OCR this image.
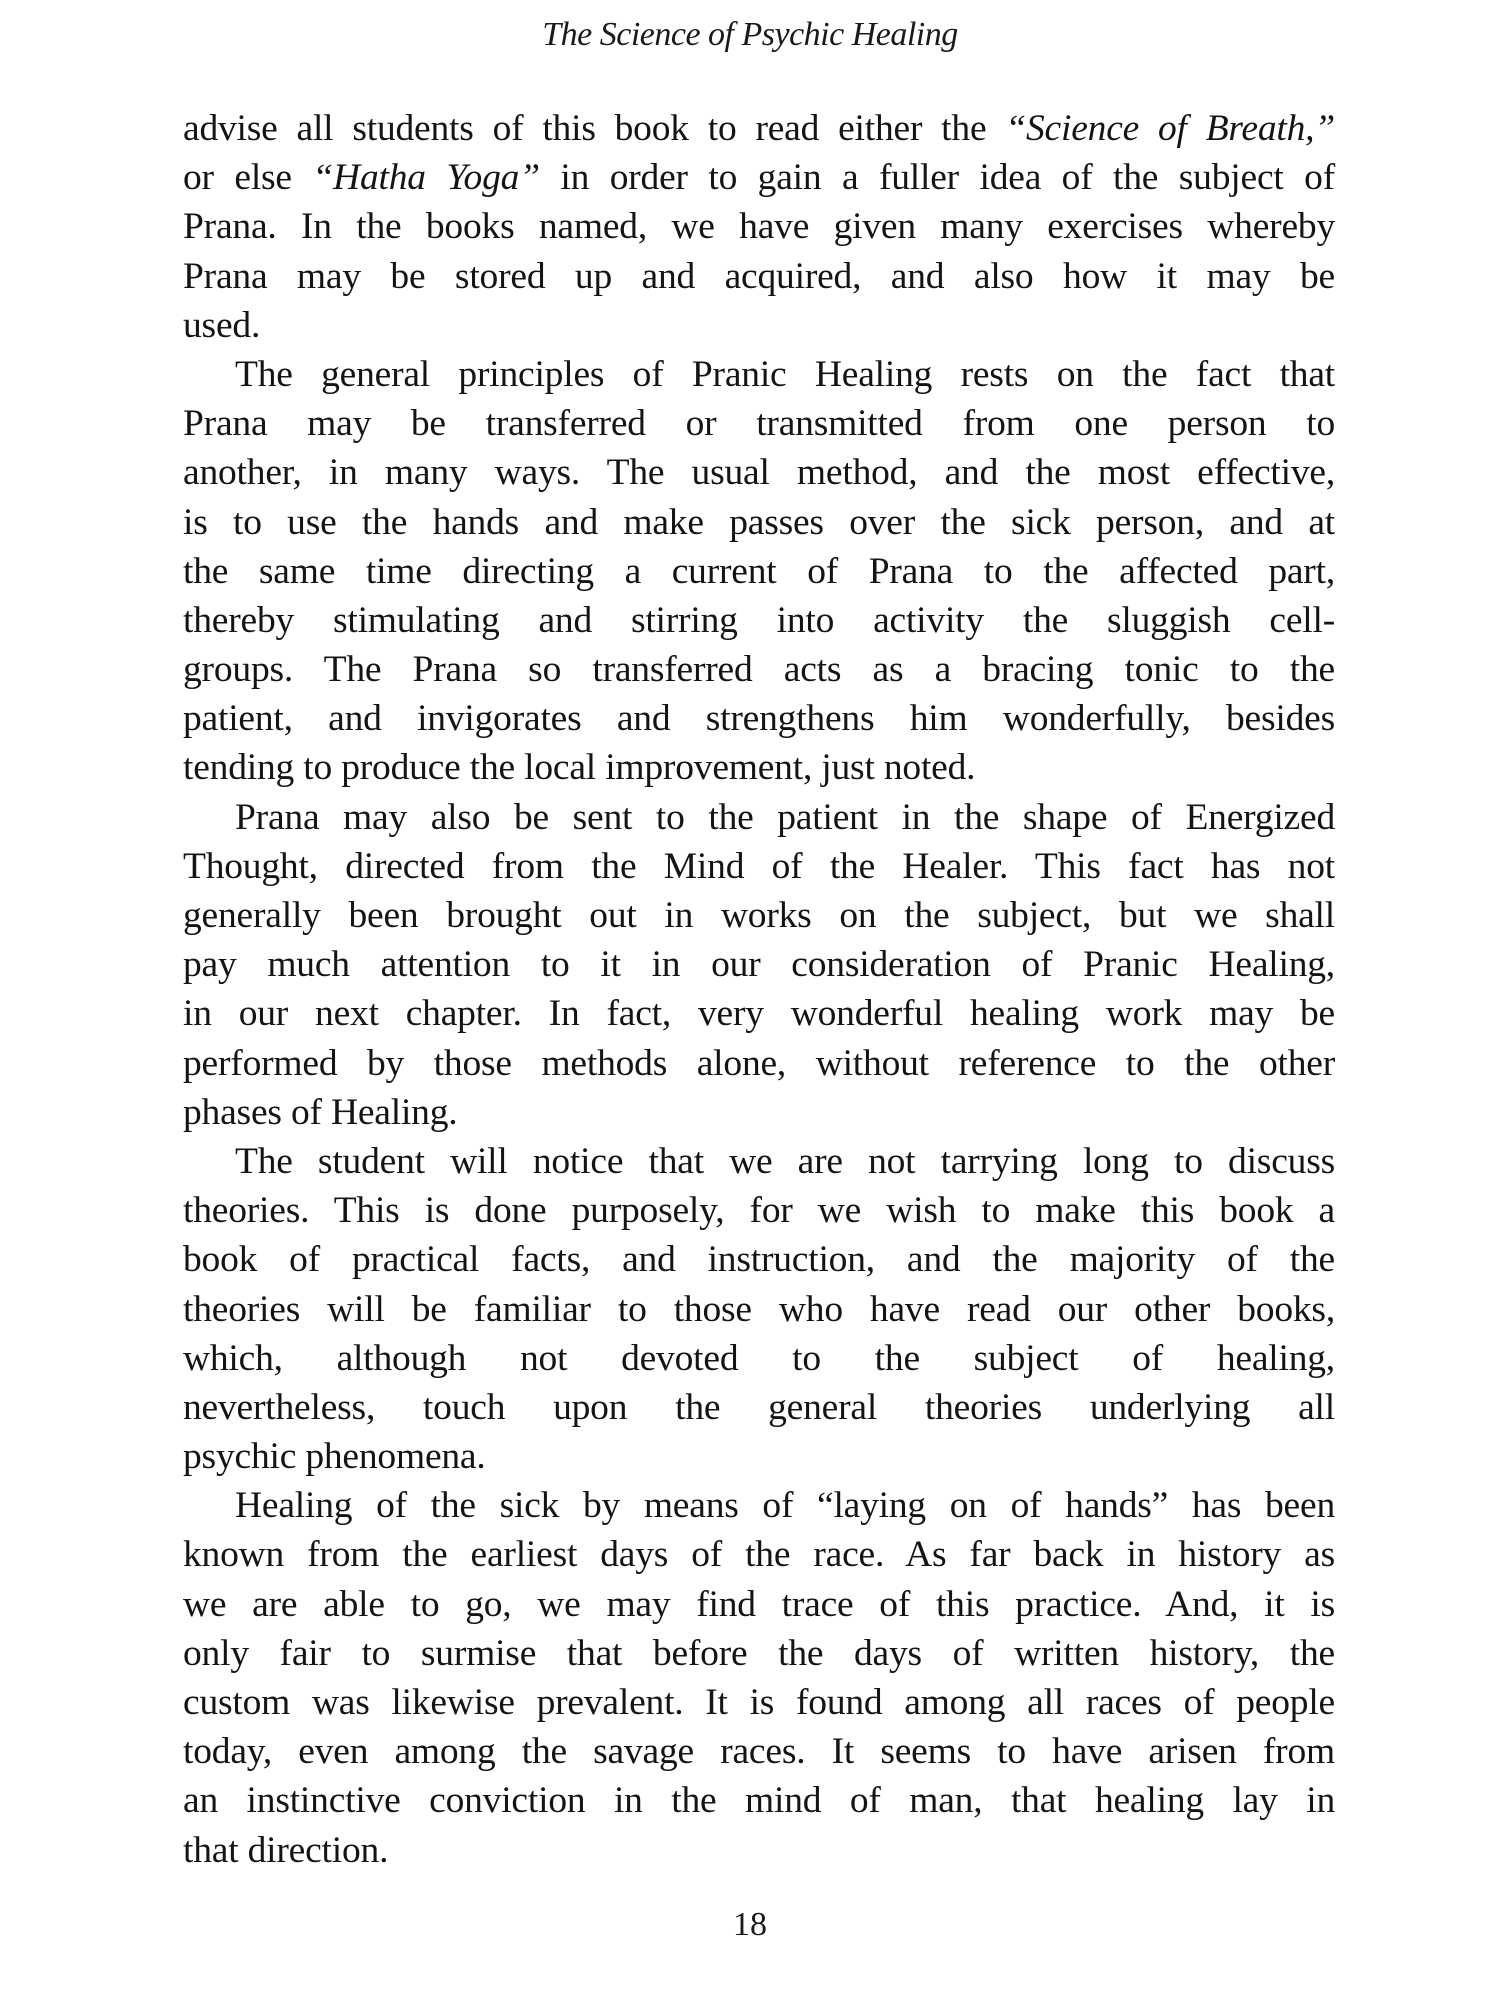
The Science of Psychic Healing
advise all students of this book to read either the “Science of Breath,”
or else “Hatha Yoga” in order to gain a fuller idea of the subject of
Prana. In the books named, we have given many exercises whereby
Prana may be stored up and acquired, and also how it may be
used.
The general principles of Pranic Healing rests on the fact that
Prana may be transferred or transmitted from one person to
another, in many ways. The usual method, and the most effective,
is to use the hands and make passes over the sick person, and at
the same time directing a current of Prana to the affected part,
thereby stimulating and stirring into activity the sluggish cell-
groups. The Prana so transferred acts as a bracing tonic to the
patient, and invigorates and strengthens him wonderfully, besides
tending to produce the local improvement, just noted.
Prana may also be sent to the patient in the shape of Energized
Thought, directed from the Mind of the Healer. This fact has not
generally been brought out in works on the subject, but we shall
pay much attention to it in our consideration of Pranic Healing,
in our next chapter. In fact, very wonderful healing work may be
performed by those methods alone, without reference to the other
phases of Healing.
The student will notice that we are not tarrying long to discuss
theories. This is done purposely, for we wish to make this book a
book of practical facts, and instruction, and the majority of the
theories will be familiar to those who have read our other books,
which, although not devoted to the subject of healing,
nevertheless, touch upon the general theories underlying all
psychic phenomena.
Healing of the sick by means of “laying on of hands” has been
known from the earliest days of the race. As far back in history as
we are able to go, we may find trace of this practice. And, it is
only fair to surmise that before the days of written history, the
custom was likewise prevalent. It is found among all races of people
today, even among the savage races. It seems to have arisen from
an instinctive conviction in the mind of man, that healing lay in
that direction.
18
